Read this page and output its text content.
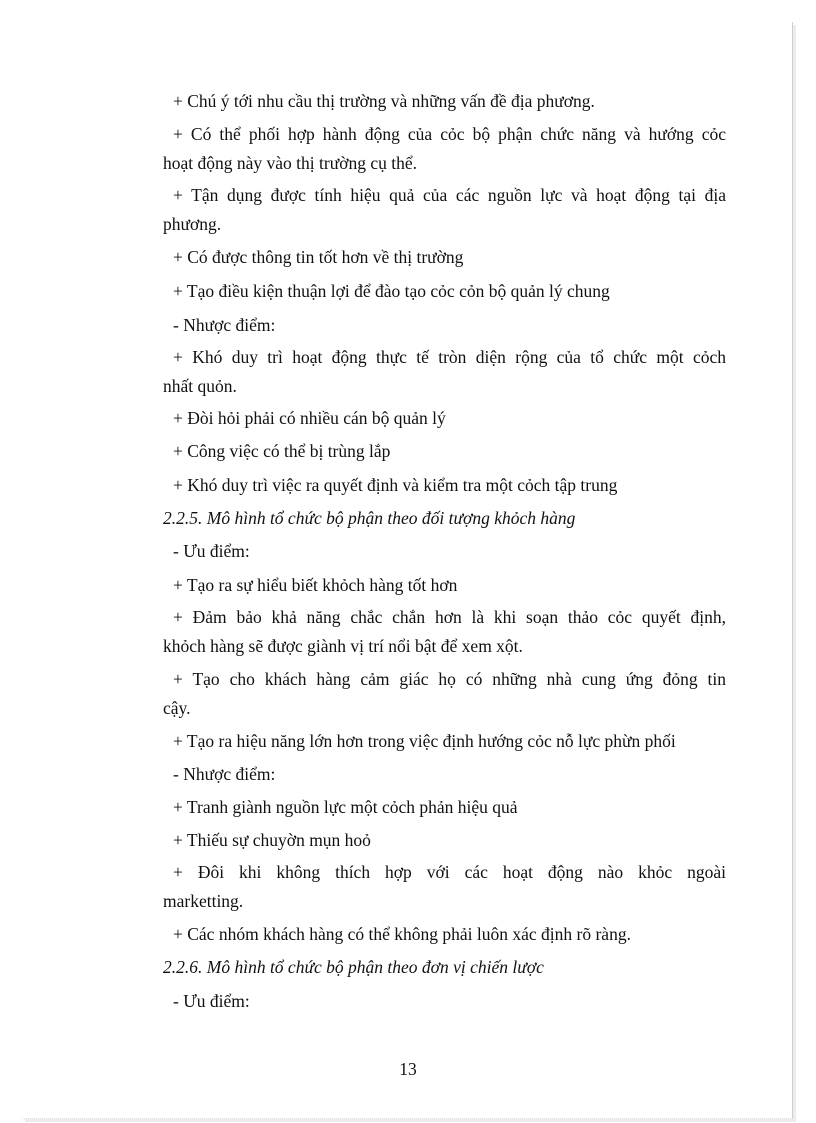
+ Chú ý tới nhu cầu thị trường và những vấn đề địa phương.

+ Có thể phối hợp hành động của cỏc bộ phận chức năng và hướng cỏc

hoạt động này vào thị trường cụ thể.

+ Tận dụng được tính hiệu quả của các nguồn lực và hoạt động tại địa

phương.

+ Có được thông tin tốt hơn về thị trường

+ Tạo điều kiện thuận lợi để đào tạo cỏc cỏn bộ quản lý chung

- Nhược điểm:

+ Khó duy trì hoạt động thực tế tròn diện rộng của tổ chức một cỏch

nhất quỏn.

+ Đòi hỏi phải có nhiều cán bộ quản lý

+ Công việc có thể bị trùng lắp

+ Khó duy trì việc ra quyết định và kiểm tra một cỏch tập trung

2.2.5. Mô hình tổ chức bộ phận theo đối tượng khỏch hàng

- Ưu điểm:

+ Tạo ra sự hiểu biết khỏch hàng tốt hơn

+ Đảm bảo khả năng chắc chắn hơn là khi soạn thảo cỏc quyết định,

khỏch hàng sẽ được giành vị trí nổi bật để xem xột.

+ Tạo cho khách hàng cảm giác họ có những nhà cung ứng đỏng tin

cậy.

+ Tạo ra hiệu năng lớn hơn trong việc định hướng cỏc nỗ lực phừn phối

- Nhược điểm:

+ Tranh giành nguồn lực một cỏch phản hiệu quả

+ Thiếu sự chuyờn mụn hoỏ

+ Đôi khi không thích hợp với các hoạt động nào khỏc ngoài

marketting.

+ Các nhóm khách hàng có thể không phải luôn xác định rõ ràng.

2.2.6. Mô hình tổ chức bộ phận theo đơn vị chiến lược

- Ưu điểm:

13
